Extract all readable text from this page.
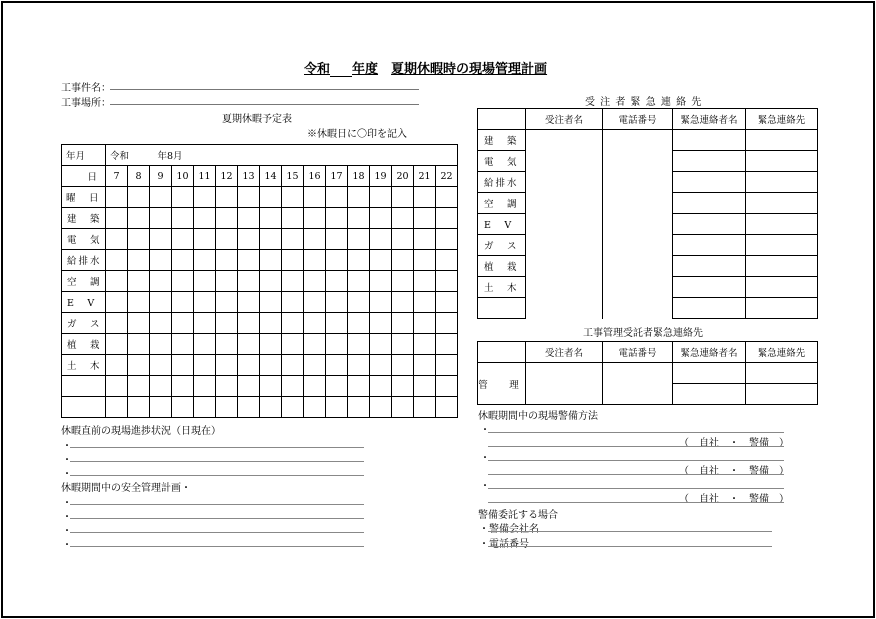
令和 年度　 夏期休暇時の現場管理計画
工事件名：
工事場所：
夏期休暇予定表
※休暇日に〇印を記入
年月	令和　　　年8月															
日	7	8	9	10	11	12	13	14	15	16	17	18	19	20	21	22
曜　日																
建　築																
電　気																
給排水																
空　調																
E　V																
ガ　ス																
植　栽																
土　木																

休暇直前の現場進捗状況（日現在）
・
・
・
休暇期間中の安全管理計画・
・
・
・
・
受 注 者 緊 急 連 絡 先
	受注者名	電話番号	緊急連絡者名	緊急連絡先
建　築				
電　気				
給排水				
空　調				
E　V				
ガ　ス				
植　栽				
土　木				

工事管理受託者緊急連絡先
	受注者名	電話番号	緊急連絡者名	緊急連絡先
管　理				

休暇期間中の現場警備方法
・
（　自社　・　警備　）
・
（　自社　・　警備　）
・
（　自社　・　警備　）
警備委託する場合
・警備会社名
・電話番号
